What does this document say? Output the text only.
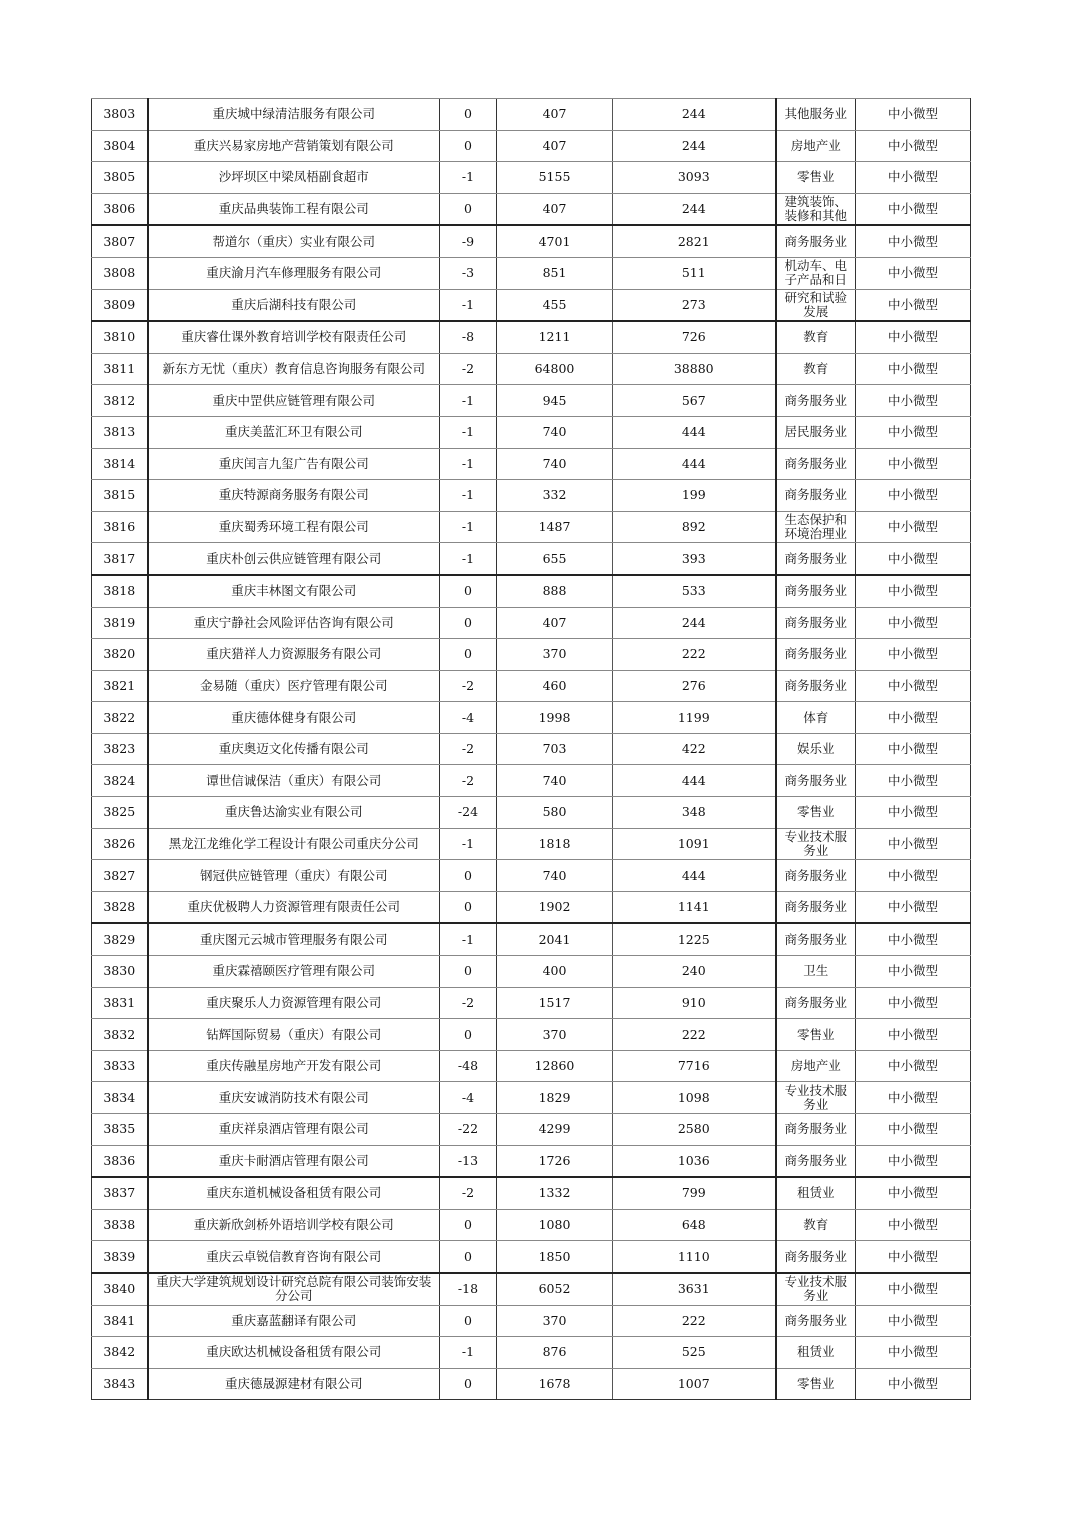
3803	重庆城中绿清洁服务有限公司	0	407	244	其他服务业	中小微型
3804	重庆兴易家房地产营销策划有限公司	0	407	244	房地产业	中小微型
3805	沙坪坝区中梁凤梧副食超市	-1	5155	3093	零售业	中小微型
3806	重庆品典装饰工程有限公司	0	407	244	建筑装饰、装修和其他	中小微型
3807	帮道尔（重庆）实业有限公司	-9	4701	2821	商务服务业	中小微型
3808	重庆渝月汽车修理服务有限公司	-3	851	511	机动车、电子产品和日	中小微型
3809	重庆后湖科技有限公司	-1	455	273	研究和试验发展	中小微型
3810	重庆睿仕课外教育培训学校有限责任公司	-8	1211	726	教育	中小微型
3811	新东方无忧（重庆）教育信息咨询服务有限公司	-2	64800	38880	教育	中小微型
3812	重庆中罡供应链管理有限公司	-1	945	567	商务服务业	中小微型
3813	重庆美蓝汇环卫有限公司	-1	740	444	居民服务业	中小微型
3814	重庆闰言九玺广告有限公司	-1	740	444	商务服务业	中小微型
3815	重庆特源商务服务有限公司	-1	332	199	商务服务业	中小微型
3816	重庆蜀秀环境工程有限公司	-1	1487	892	生态保护和环境治理业	中小微型
3817	重庆朴创云供应链管理有限公司	-1	655	393	商务服务业	中小微型
3818	重庆丰林图文有限公司	0	888	533	商务服务业	中小微型
3819	重庆宁静社会风险评估咨询有限公司	0	407	244	商务服务业	中小微型
3820	重庆猎祥人力资源服务有限公司	0	370	222	商务服务业	中小微型
3821	金易随（重庆）医疗管理有限公司	-2	460	276	商务服务业	中小微型
3822	重庆德体健身有限公司	-4	1998	1199	体育	中小微型
3823	重庆奥迈文化传播有限公司	-2	703	422	娱乐业	中小微型
3824	谭世信诚保洁（重庆）有限公司	-2	740	444	商务服务业	中小微型
3825	重庆鲁达渝实业有限公司	-24	580	348	零售业	中小微型
3826	黑龙江龙维化学工程设计有限公司重庆分公司	-1	1818	1091	专业技术服务业	中小微型
3827	钢冠供应链管理（重庆）有限公司	0	740	444	商务服务业	中小微型
3828	重庆优极聘人力资源管理有限责任公司	0	1902	1141	商务服务业	中小微型
3829	重庆图元云城市管理服务有限公司	-1	2041	1225	商务服务业	中小微型
3830	重庆霖禧颐医疗管理有限公司	0	400	240	卫生	中小微型
3831	重庆聚乐人力资源管理有限公司	-2	1517	910	商务服务业	中小微型
3832	钻辉国际贸易（重庆）有限公司	0	370	222	零售业	中小微型
3833	重庆传融星房地产开发有限公司	-48	12860	7716	房地产业	中小微型
3834	重庆安诚消防技术有限公司	-4	1829	1098	专业技术服务业	中小微型
3835	重庆祥泉酒店管理有限公司	-22	4299	2580	商务服务业	中小微型
3836	重庆卡耐酒店管理有限公司	-13	1726	1036	商务服务业	中小微型
3837	重庆东道机械设备租赁有限公司	-2	1332	799	租赁业	中小微型
3838	重庆新欣剑桥外语培训学校有限公司	0	1080	648	教育	中小微型
3839	重庆云卓锐信教育咨询有限公司	0	1850	1110	商务服务业	中小微型
3840	重庆大学建筑规划设计研究总院有限公司装饰安装分公司	-18	6052	3631	专业技术服务业	中小微型
3841	重庆嘉蓝翻译有限公司	0	370	222	商务服务业	中小微型
3842	重庆欧达机械设备租赁有限公司	-1	876	525	租赁业	中小微型
3843	重庆德晟源建材有限公司	0	1678	1007	零售业	中小微型
